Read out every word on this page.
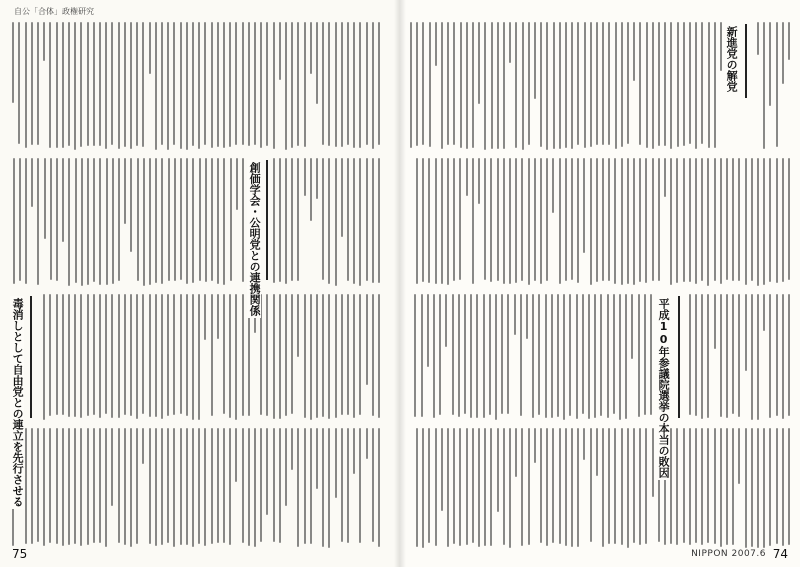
自公「合体」政権研究
創価学会・公明党との連携関係
毒消しとして自由党との連立を先行させる
75
新進党の解党
平成10年参議院選挙の本当の敗因
NIPPON 2007.6 74
